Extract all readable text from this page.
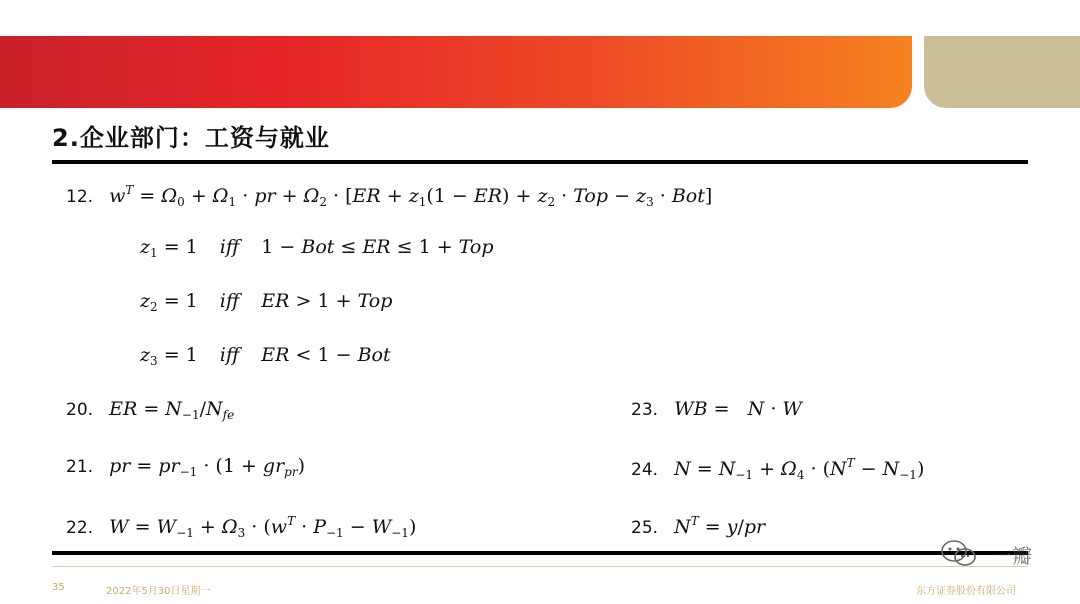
2.企业部门：工资与就业
12. $w^T = \Omega_0 + \Omega_1$ · pr + $\Omega_2 \cdot [ER + z_1(1 - ER) + z_2$ · Top − $z_3 \cdot Bot$]
$z_1 = 1$ iff 1 − Bot ≤ ER ≤ 1 + Top
$z_2 = 1$ iff ER > 1 + Top
$z_3 = 1$ iff ER < 1 − Bot
20. ER = $N_{-1}/N_{fe}$
21. pr = $pr_{-1} \cdot (1 + gr_{pr})$
22. $W = W_{-1} + \Omega_3 \cdot (w^T \cdot P_{-1} - W_{-1})$
23. WB =   N · W
24. $N = N_{-1} + \Omega_4 \cdot (N^T - N_{-1})$
25. $N^T = y/pr$
一瓣
35	2022年5月30日星期一	东方证券股份有限公司
